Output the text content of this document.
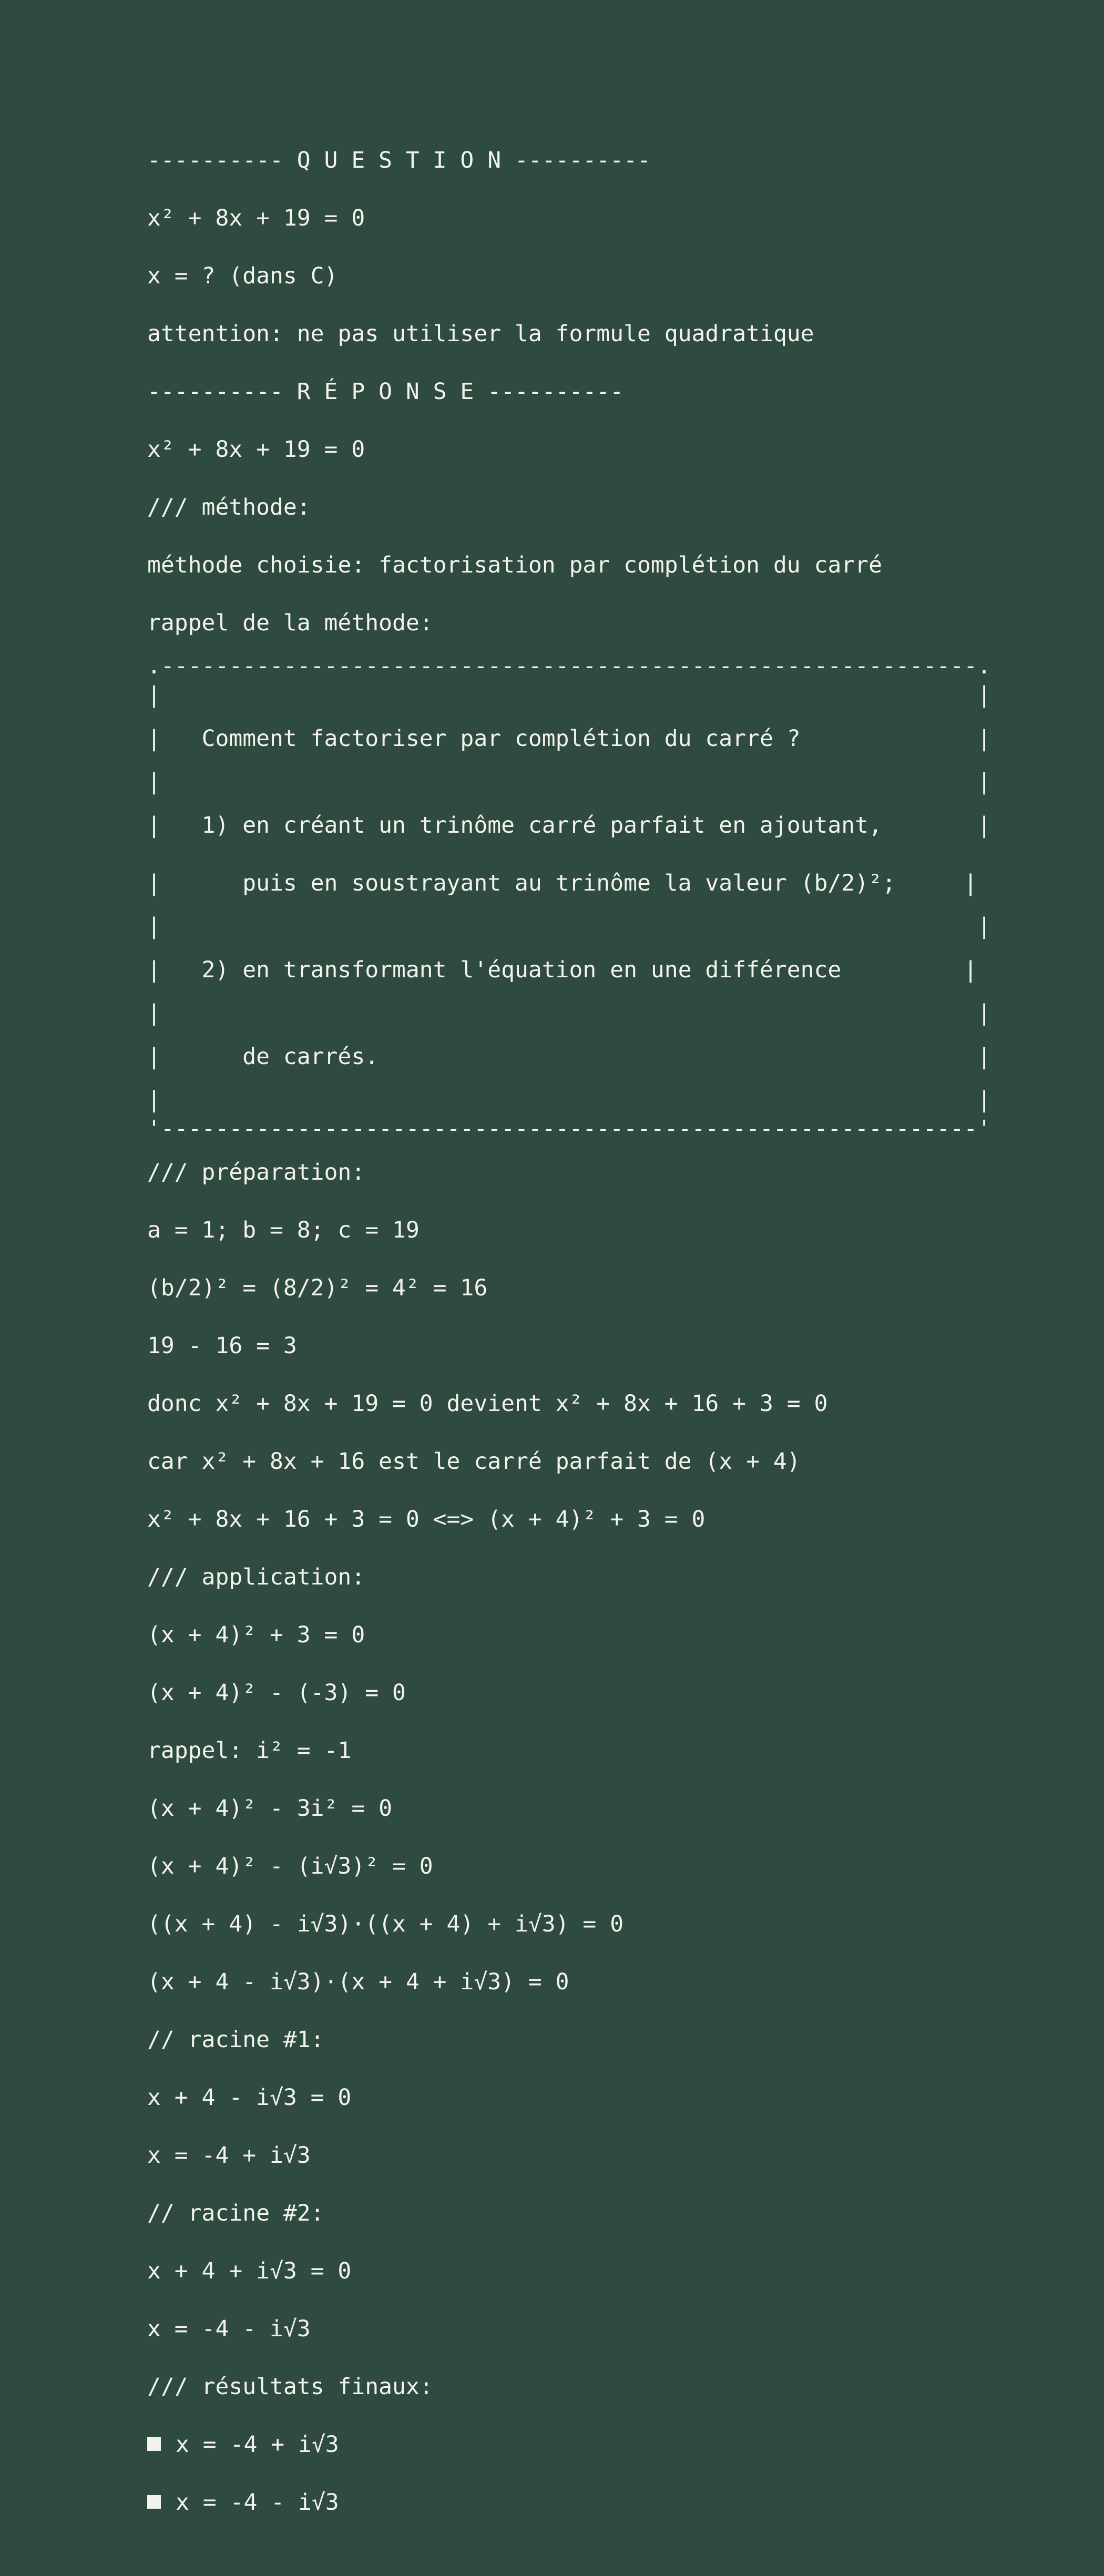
---------- Q U E S T I O N ----------
x² + 8x + 19 = 0
x = ? (dans C)
attention: ne pas utiliser la formule quadratique
---------- R É P O N S E ----------
x² + 8x + 19 = 0
/// méthode:
méthode choisie: factorisation par complétion du carré
rappel de la méthode:
.------------------------------------------------------------.
|                                                            |
|   Comment factoriser par complétion du carré ?             |
|                                                            |
|   1) en créant un trinôme carré parfait en ajoutant,       |
|      puis en soustrayant au trinôme la valeur (b/2)²;     |
|                                                            |
|   2) en transformant l'équation en une différence         |
|                                                            |
|      de carrés.                                            |
|                                                            |
'------------------------------------------------------------'
/// préparation:
a = 1; b = 8; c = 19
(b/2)² = (8/2)² = 4² = 16
19 - 16 = 3
donc x² + 8x + 19 = 0 devient x² + 8x + 16 + 3 = 0
car x² + 8x + 16 est le carré parfait de (x + 4)
x² + 8x + 16 + 3 = 0 <=> (x + 4)² + 3 = 0
/// application:
(x + 4)² + 3 = 0
(x + 4)² - (-3) = 0
rappel: i² = -1
(x + 4)² - 3i² = 0
(x + 4)² - (i√3)² = 0
((x + 4) - i√3)·((x + 4) + i√3) = 0
(x + 4 - i√3)·(x + 4 + i√3) = 0
// racine #1:
x + 4 - i√3 = 0
x = -4 + i√3
// racine #2:
x + 4 + i√3 = 0
x = -4 - i√3
/// résultats finaux:
x = -4 + i√3
x = -4 - i√3
